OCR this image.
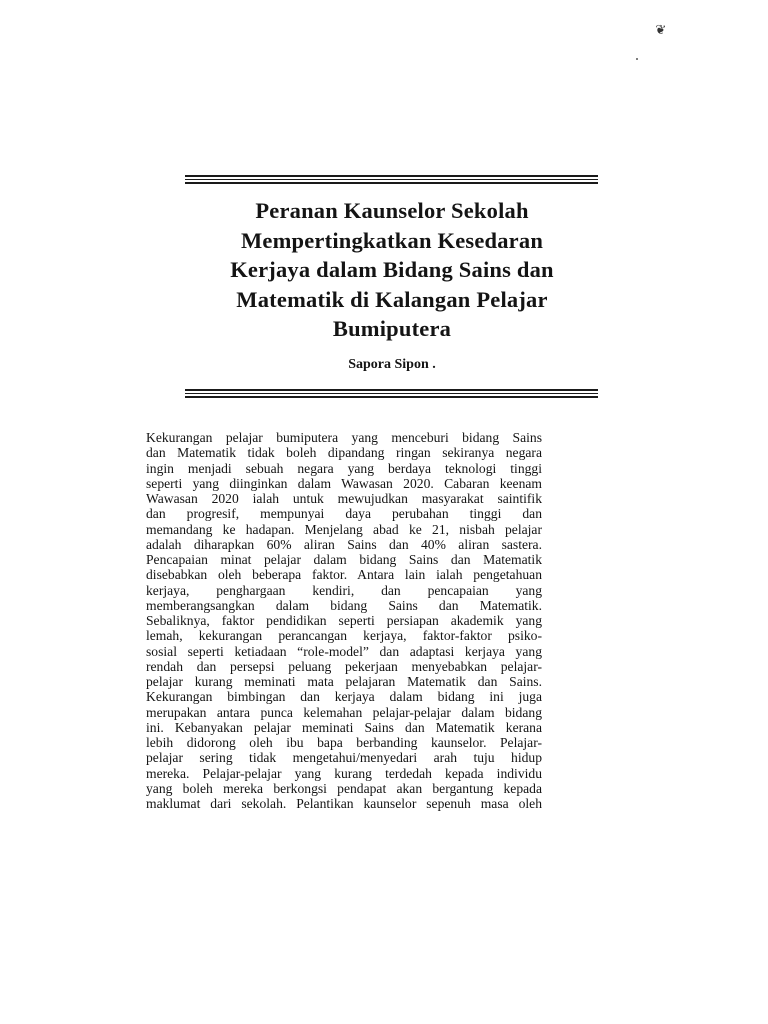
❦
Peranan Kaunselor Sekolah
Mempertingkatkan Kesedaran
Kerjaya dalam Bidang Sains dan
Matematik di Kalangan Pelajar
Bumiputera
Sapora Sipon .
Kekurangan pelajar bumiputera yang menceburi bidang Sains
dan Matematik tidak boleh dipandang ringan sekiranya negara
ingin menjadi sebuah negara yang berdaya teknologi tinggi
seperti yang diinginkan dalam Wawasan 2020. Cabaran keenam
Wawasan 2020 ialah untuk mewujudkan masyarakat saintifik
dan progresif, mempunyai daya perubahan tinggi dan
memandang ke hadapan. Menjelang abad ke 21, nisbah pelajar
adalah diharapkan 60% aliran Sains dan 40% aliran sastera.
Pencapaian minat pelajar dalam bidang Sains dan Matematik
disebabkan oleh beberapa faktor. Antara lain ialah pengetahuan
kerjaya, penghargaan kendiri, dan pencapaian yang
memberangsangkan dalam bidang Sains dan Matematik.
Sebaliknya, faktor pendidikan seperti persiapan akademik yang
lemah, kekurangan perancangan kerjaya, faktor-faktor psiko-
sosial seperti ketiadaan “role-model” dan adaptasi kerjaya yang
rendah dan persepsi peluang pekerjaan menyebabkan pelajar-
pelajar kurang meminati mata pelajaran Matematik dan Sains.
Kekurangan bimbingan dan kerjaya dalam bidang ini juga
merupakan antara punca kelemahan pelajar-pelajar dalam bidang
ini. Kebanyakan pelajar meminati Sains dan Matematik kerana
lebih didorong oleh ibu bapa berbanding kaunselor. Pelajar-
pelajar sering tidak mengetahui/menyedari arah tuju hidup
mereka. Pelajar-pelajar yang kurang terdedah kepada individu
yang boleh mereka berkongsi pendapat akan bergantung kepada
maklumat dari sekolah. Pelantikan kaunselor sepenuh masa oleh
